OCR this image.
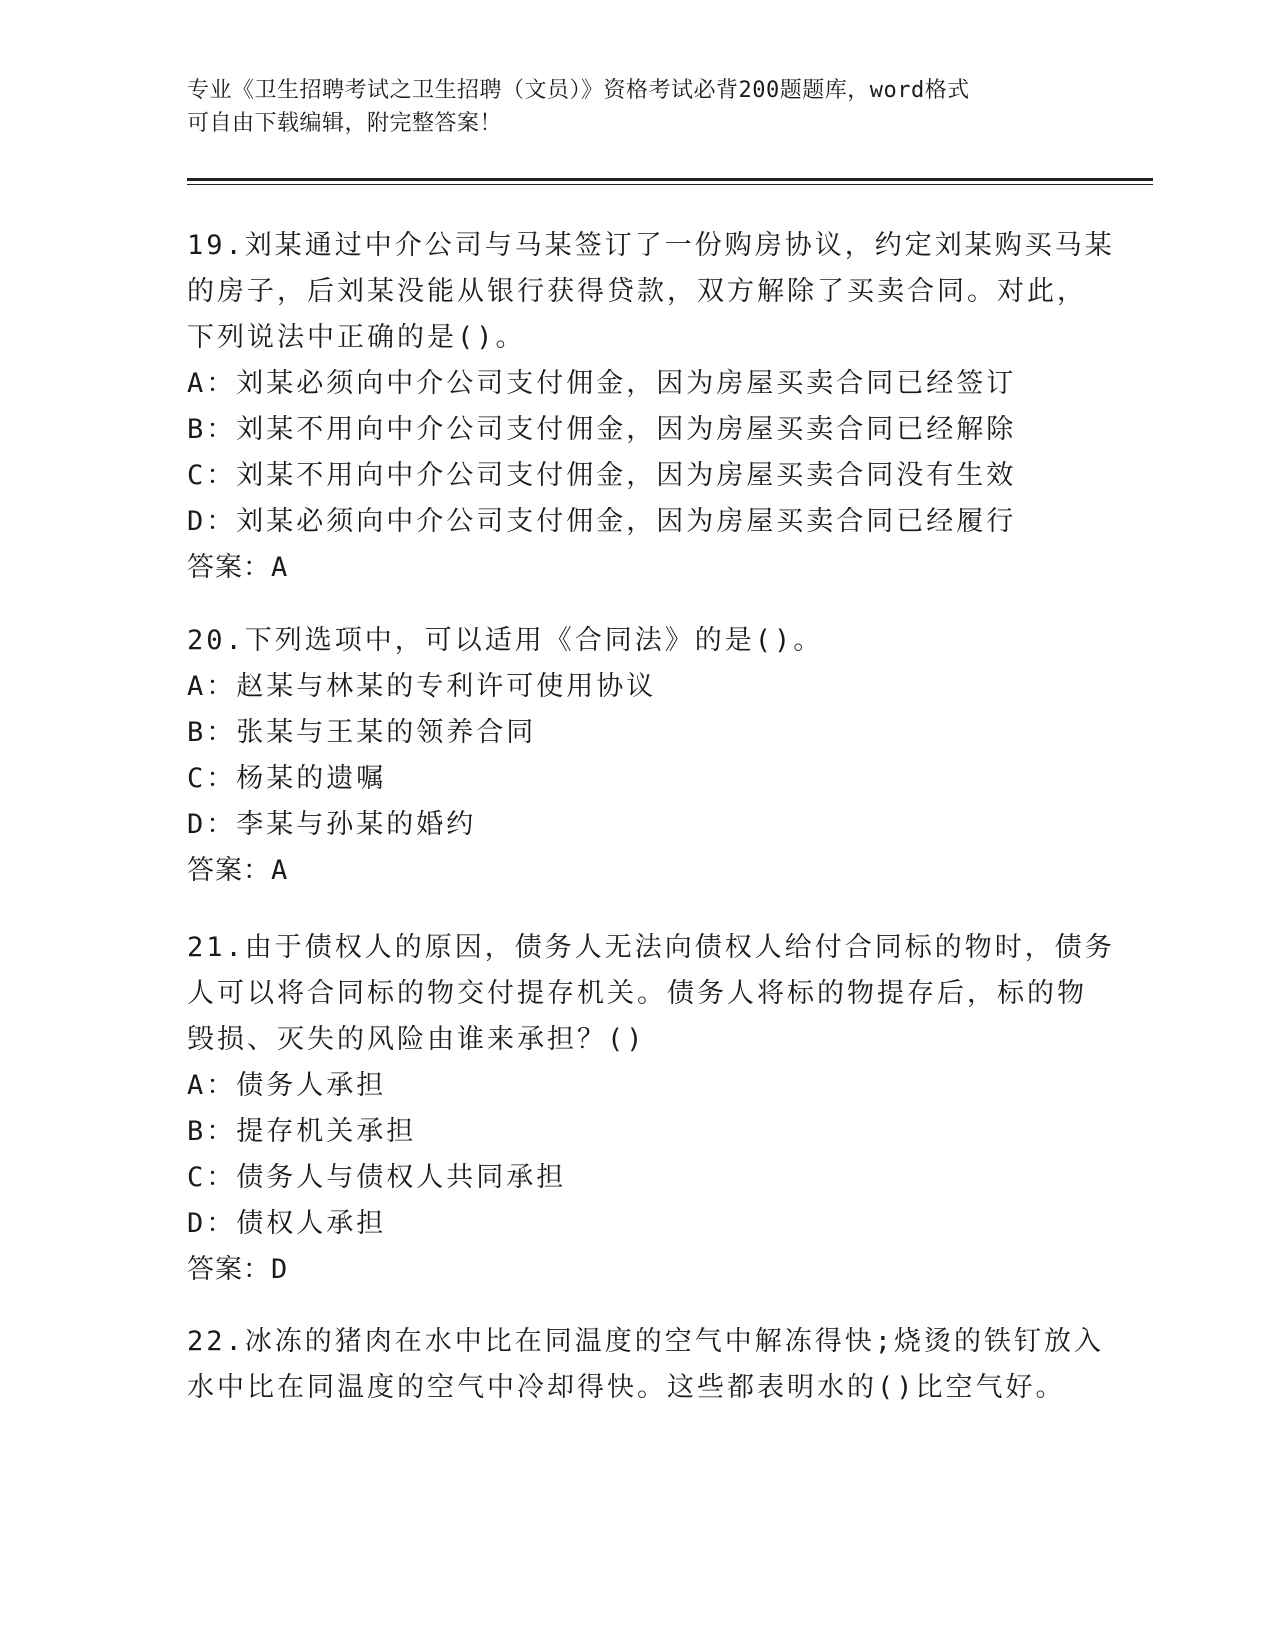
专业《卫生招聘考试之卫生招聘（文员）》资格考试必背200题题库，word格式
可自由下载编辑，附完整答案！
19.刘某通过中介公司与马某签订了一份购房协议，约定刘某购买马某
的房子，后刘某没能从银行获得贷款，双方解除了买卖合同。对此，
下列说法中正确的是()。
A：刘某必须向中介公司支付佣金，因为房屋买卖合同已经签订
B：刘某不用向中介公司支付佣金，因为房屋买卖合同已经解除
C：刘某不用向中介公司支付佣金，因为房屋买卖合同没有生效
D：刘某必须向中介公司支付佣金，因为房屋买卖合同已经履行
答案：A
20.下列选项中，可以适用《合同法》的是()。
A：赵某与林某的专利许可使用协议
B：张某与王某的领养合同
C：杨某的遗嘱
D：李某与孙某的婚约
答案：A
21.由于债权人的原因，债务人无法向债权人给付合同标的物时，债务
人可以将合同标的物交付提存机关。债务人将标的物提存后，标的物
毁损、灭失的风险由谁来承担？()
A：债务人承担
B：提存机关承担
C：债务人与债权人共同承担
D：债权人承担
答案：D
22.冰冻的猪肉在水中比在同温度的空气中解冻得快;烧烫的铁钉放入
水中比在同温度的空气中冷却得快。这些都表明水的()比空气好。
